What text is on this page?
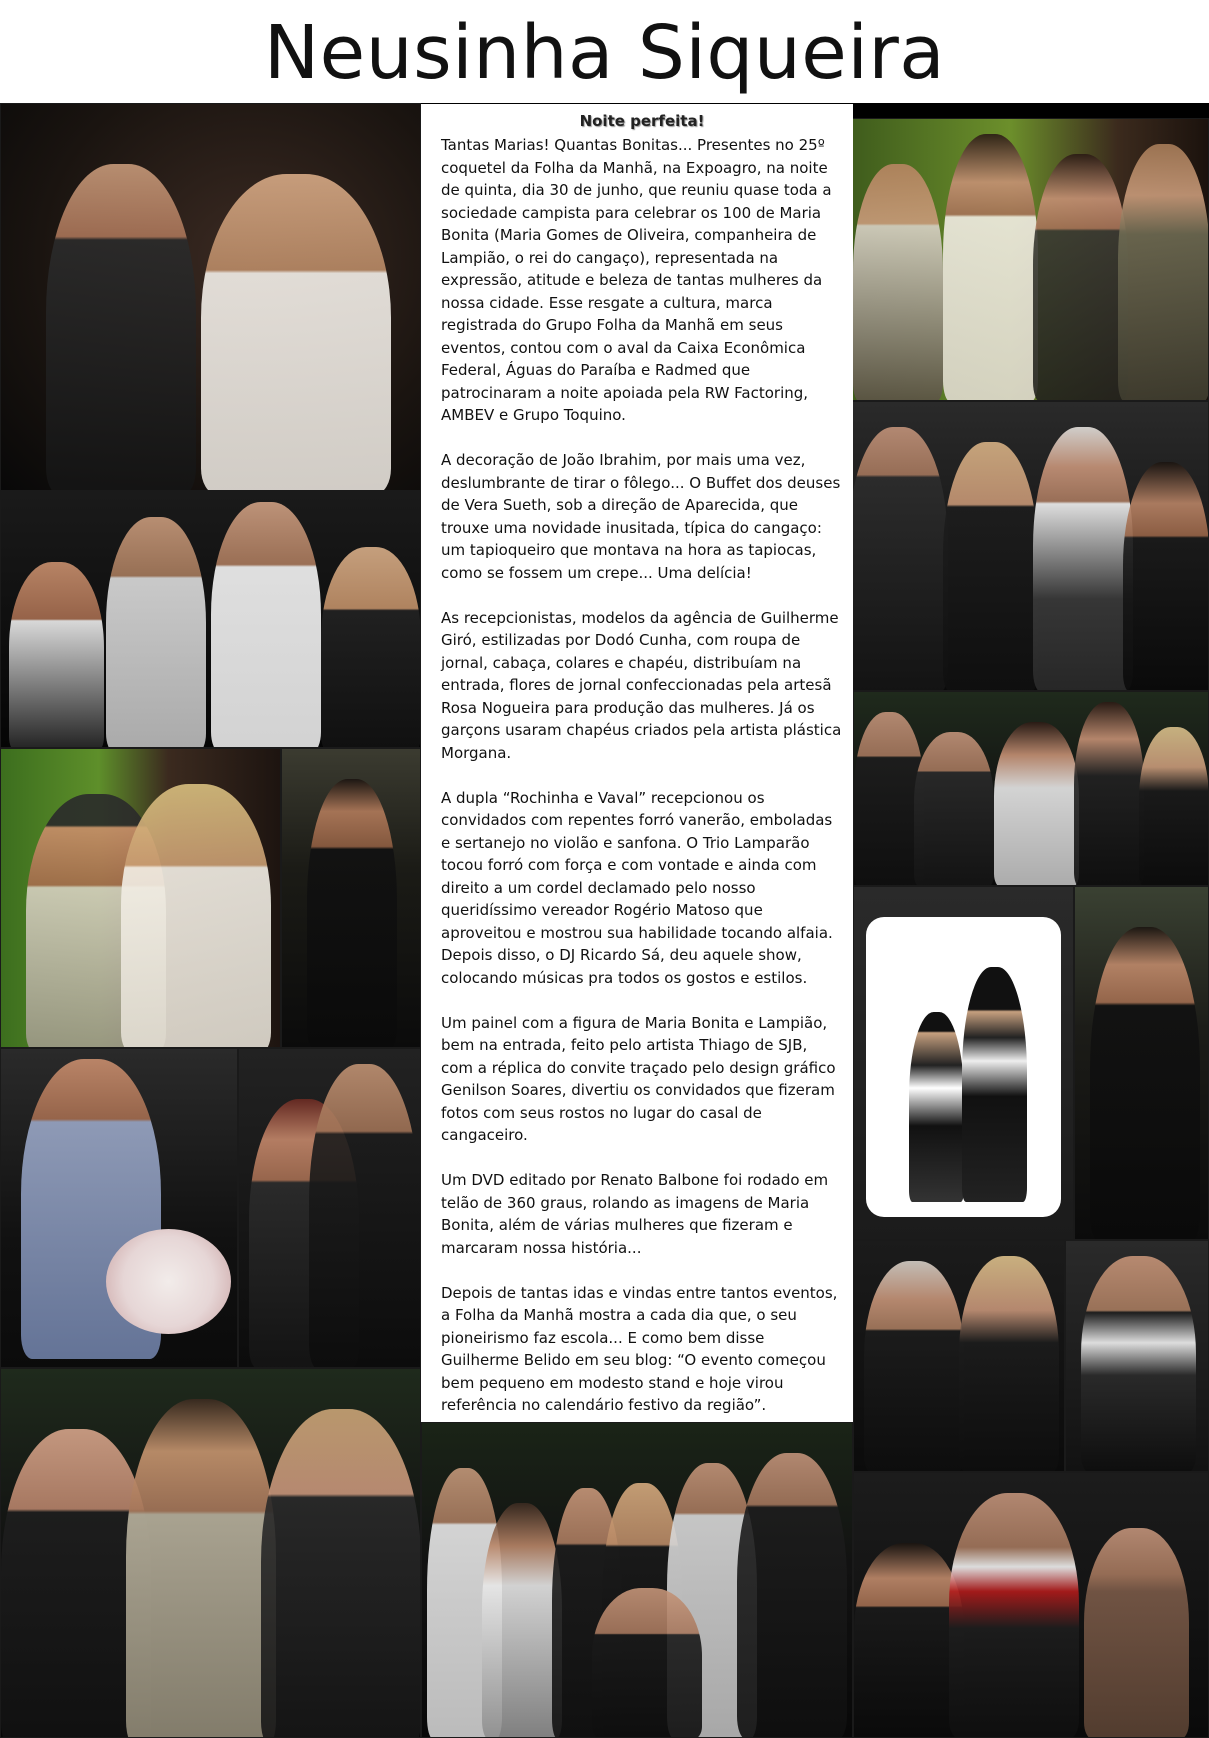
Neusinha Siqueira
Noite perfeita!

Tantas Marias! Quantas Bonitas... Presentes no 25º coquetel da Folha da Manhã, na Expoagro, na noite de quinta, dia 30 de junho, que reuniu quase toda a sociedade campista para celebrar os 100 de Maria Bonita (Maria Gomes de Oliveira, companheira de Lampião, o rei do cangaço), representada na expressão, atitude e beleza de tantas mulheres da nossa cidade. Esse resgate a cultura, marca registrada do Grupo Folha da Manhã em seus eventos, contou com o aval da Caixa Econômica Federal, Águas do Paraíba e Radmed que patrocinaram a noite apoiada pela RW Factoring, AMBEV e Grupo Toquino.

A decoração de João Ibrahim, por mais uma vez, deslumbrante de tirar o fôlego... O Buffet dos deuses de Vera Sueth, sob a direção de Aparecida, que trouxe uma novidade inusitada, típica do cangaço: um tapioqueiro que montava na hora as tapiocas, como se fossem um crepe... Uma delícia!

As recepcionistas, modelos da agência de Guilherme Giró, estilizadas por Dodó Cunha, com roupa de jornal, cabaça, colares e chapéu, distribuíam na entrada, flores de jornal confeccionadas pela artesã Rosa Nogueira para produção das mulheres. Já os garçons usaram chapéus criados pela artista plástica Morgana.

A dupla “Rochinha e Vaval” recepcionou os convidados com repentes forró vanerão, emboladas e sertanejo no violão e sanfona. O Trio Lamparão tocou forró com força e com vontade e ainda com direito a um cordel declamado pelo nosso queridíssimo vereador Rogério Matoso que aproveitou e mostrou sua habilidade tocando alfaia. Depois disso, o DJ Ricardo Sá, deu aquele show, colocando músicas pra todos os gostos e estilos.

Um painel com a figura de Maria Bonita e Lampião, bem na entrada, feito pelo artista Thiago de SJB, com a réplica do convite traçado pelo design gráfico Genilson Soares, divertiu os convidados que fizeram fotos com seus rostos no lugar do casal de cangaceiro.

Um DVD editado por Renato Balbone foi rodado em telão de 360 graus, rolando as imagens de Maria Bonita, além de várias mulheres que fizeram e marcaram nossa história...

Depois de tantas idas e vindas entre tantos eventos, a Folha da Manhã mostra a cada dia que, o seu pioneirismo faz escola... E como bem disse Guilherme Belido em seu blog: “O evento começou bem pequeno em modesto stand e hoje virou referência no calendário festivo da região”.
